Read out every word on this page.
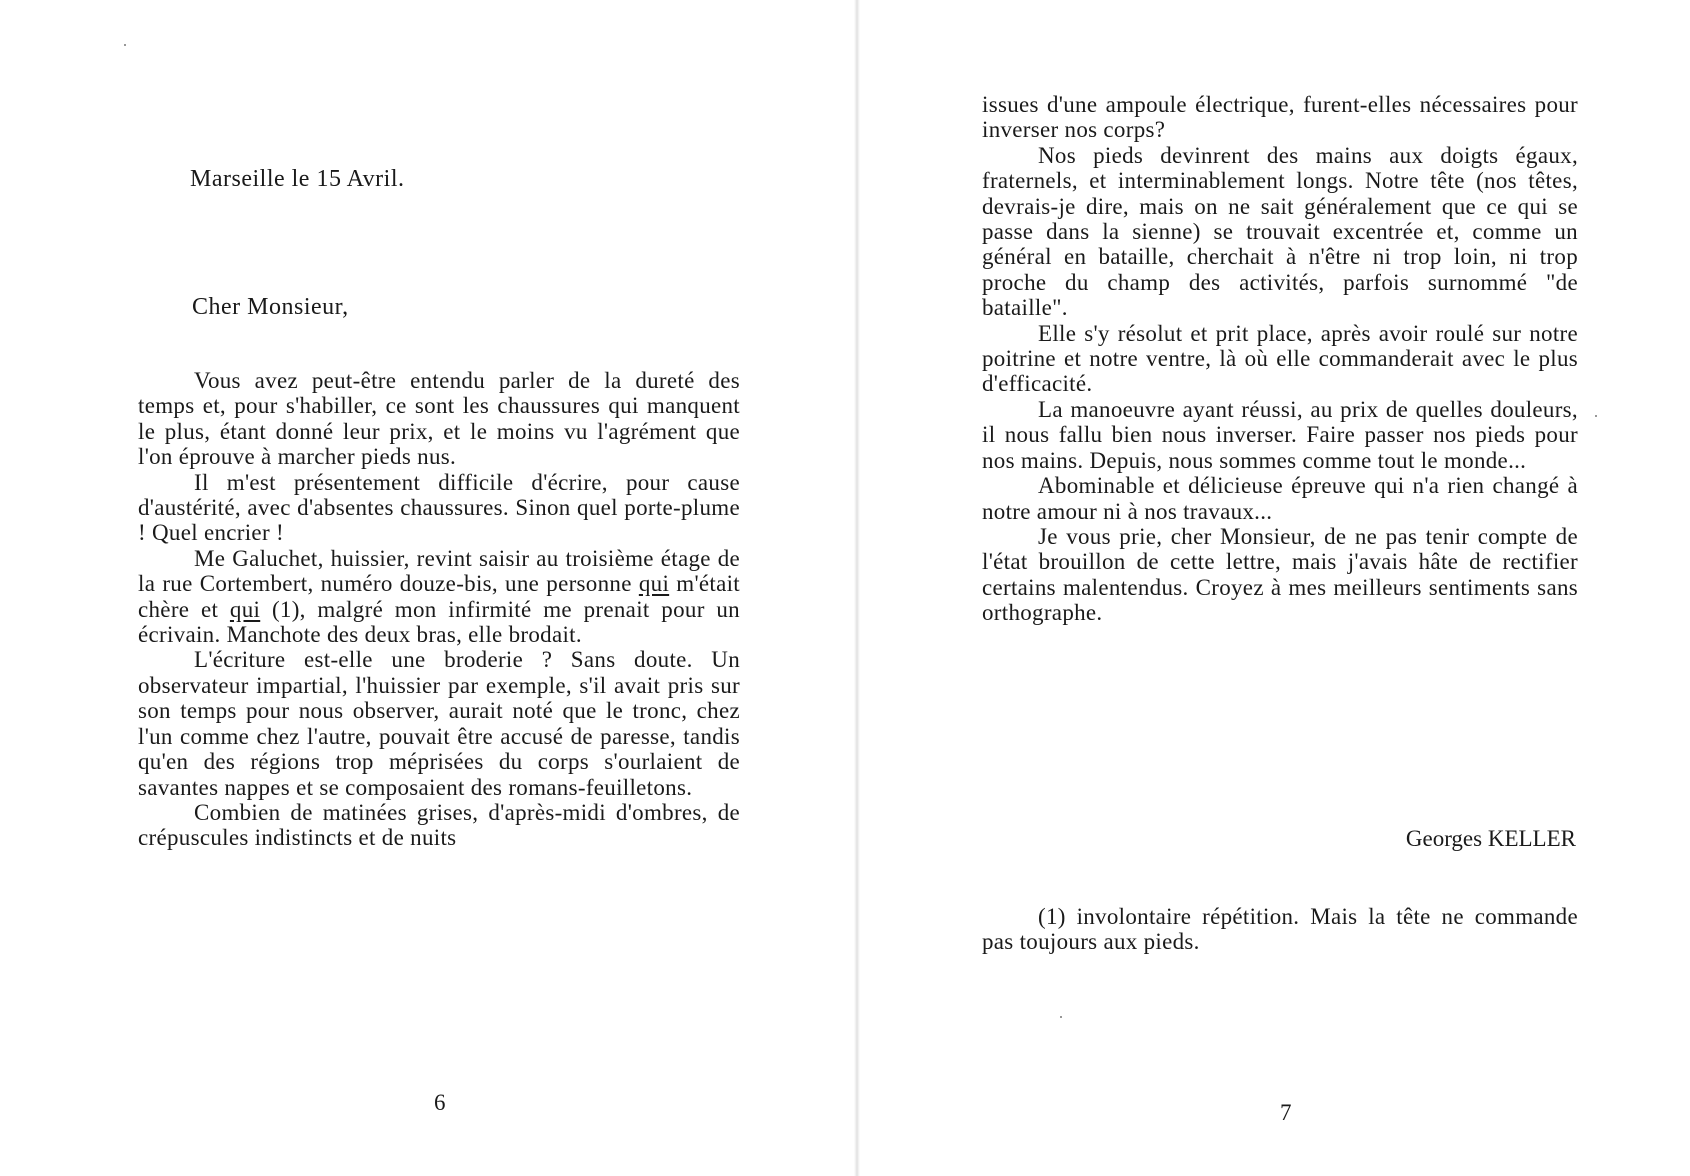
Marseille le 15 Avril.
Cher Monsieur,

Vous avez peut-être entendu parler de la dureté des temps et, pour s'habiller, ce sont les chaussures qui manquent le plus, étant donné leur prix, et le moins vu l'agrément que l'on éprouve à marcher pieds nus.

Il m'est présentement difficile d'écrire, pour cause d'austérité, avec d'absentes chaussures. Sinon quel porte-plume ! Quel encrier !

Me Galuchet, huissier, revint saisir au troisième étage de la rue Cortembert, numéro douze-bis, une personne qui m'était chère et qui (1), malgré mon infirmité me prenait pour un écrivain. Manchote des deux bras, elle brodait.

L'écriture est-elle une broderie ? Sans doute. Un observateur impartial, l'huissier par exemple, s'il avait pris sur son temps pour nous observer, aurait noté que le tronc, chez l'un comme chez l'autre, pouvait être accusé de paresse, tandis qu'en des régions trop méprisées du corps s'ourlaient de savantes nappes et se composaient des romans-feuilletons.

Combien de matinées grises, d'après-midi d'ombres, de crépuscules indistincts et de nuits

6

issues d'une ampoule électrique, furent-elles nécessaires pour inverser nos corps?

Nos pieds devinrent des mains aux doigts égaux, fraternels, et interminablement longs. Notre tête (nos têtes, devrais-je dire, mais on ne sait généralement que ce qui se passe dans la sienne) se trouvait excentrée et, comme un général en bataille, cherchait à n'être ni trop loin, ni trop proche du champ des activités, parfois surnommé "de bataille".

Elle s'y résolut et prit place, après avoir roulé sur notre poitrine et notre ventre, là où elle commanderait avec le plus d'efficacité.

La manoeuvre ayant réussi, au prix de quelles douleurs, il nous fallu bien nous inverser. Faire passer nos pieds pour nos mains. Depuis, nous sommes comme tout le monde...

Abominable et délicieuse épreuve qui n'a rien changé à notre amour ni à nos travaux...

Je vous prie, cher Monsieur, de ne pas tenir compte de l'état brouillon de cette lettre, mais j'avais hâte de rectifier certains malentendus. Croyez à mes meilleurs sentiments sans orthographe.

Georges KELLER

(1) involontaire répétition. Mais la tête ne commande pas toujours aux pieds.

7
